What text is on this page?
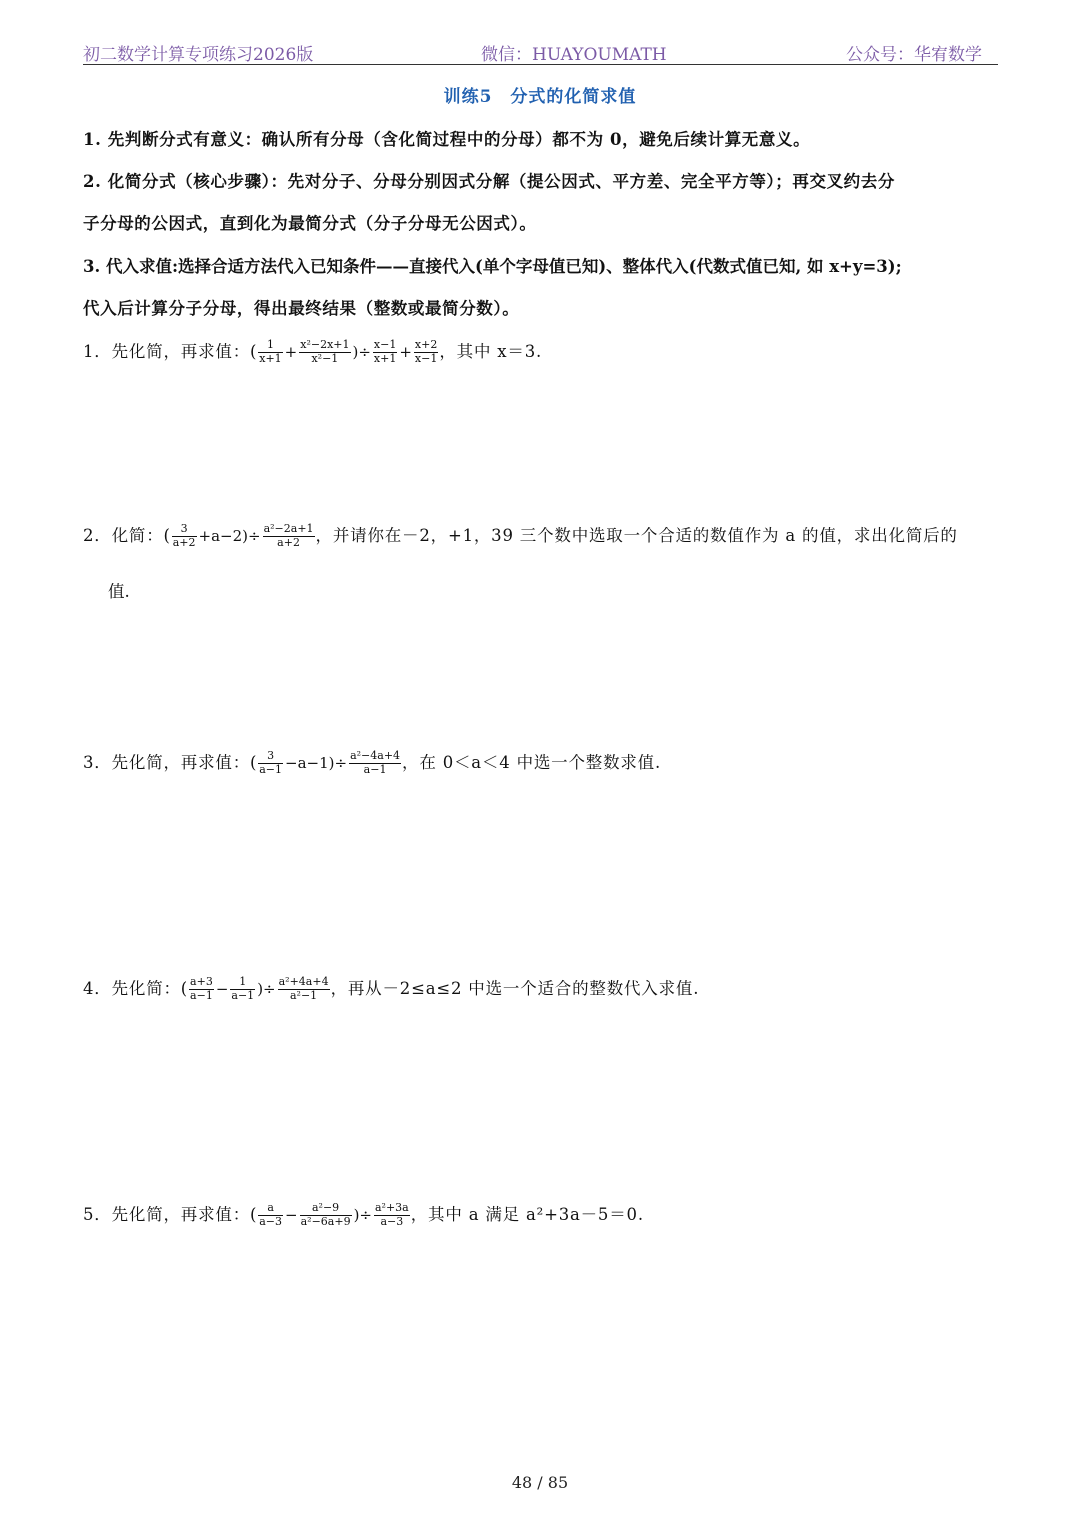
初二数学计算专项练习2026版	微信：HUAYOUMATH	公众号：华宥数学
训练5　分式的化简求值
1. 先判断分式有意义：确认所有分母（含化简过程中的分母）都不为 0，避免后续计算无意义。
2. 化简分式（核心步骤）：先对分子、分母分别因式分解（提公因式、平方差、完全平方等）；再交叉约去分
子分母的公因式，直到化为最简分式（分子分母无公因式）。
3. 代入求值:选择合适方法代入已知条件——直接代入(单个字母值已知)、整体代入(代数式值已知, 如 x+y=3);
代入后计算分子分母，得出最终结果（整数或最简分数）。
1．先化简，再求值：( $\frac{1}{x+1} + \frac{\text{x²−2x+1}}{\text{x²−1}}$ )÷ $\frac{x-1}{x+1} + \frac{x+2}{x-1}$ ，其中 x＝3.
2．化简：( $\frac{3}{a+2} +a-2)\div \frac{\text{a²−2a+1}}{a+2}$ ，并请你在－2，+1，39 三个数中选取一个合适的数值作为 a 的值，求出化简后的
值.
3．先化简，再求值：( $\frac{3}{a-1} -a-1)\div \frac{\text{a²−4a+4}}{a-1}$ ，在 0＜a＜4 中选一个整数求值.
4．先化简：( $\frac{a+3}{a-1} - \frac{1}{a-1}$ )÷ $\frac{\text{a²+4a+4}}{\text{a²−1}}$ ，再从－2≤a≤2 中选一个适合的整数代入求值.
5．先化简，再求值：( $\frac{a}{a-3} - \frac{\text{a²−9}}{\text{a²−6a+9}}$ )÷ $\frac{\text{a²+3a}}{a-3}$ ，其中 a 满足 a²+3a－5＝0.
48 / 85
